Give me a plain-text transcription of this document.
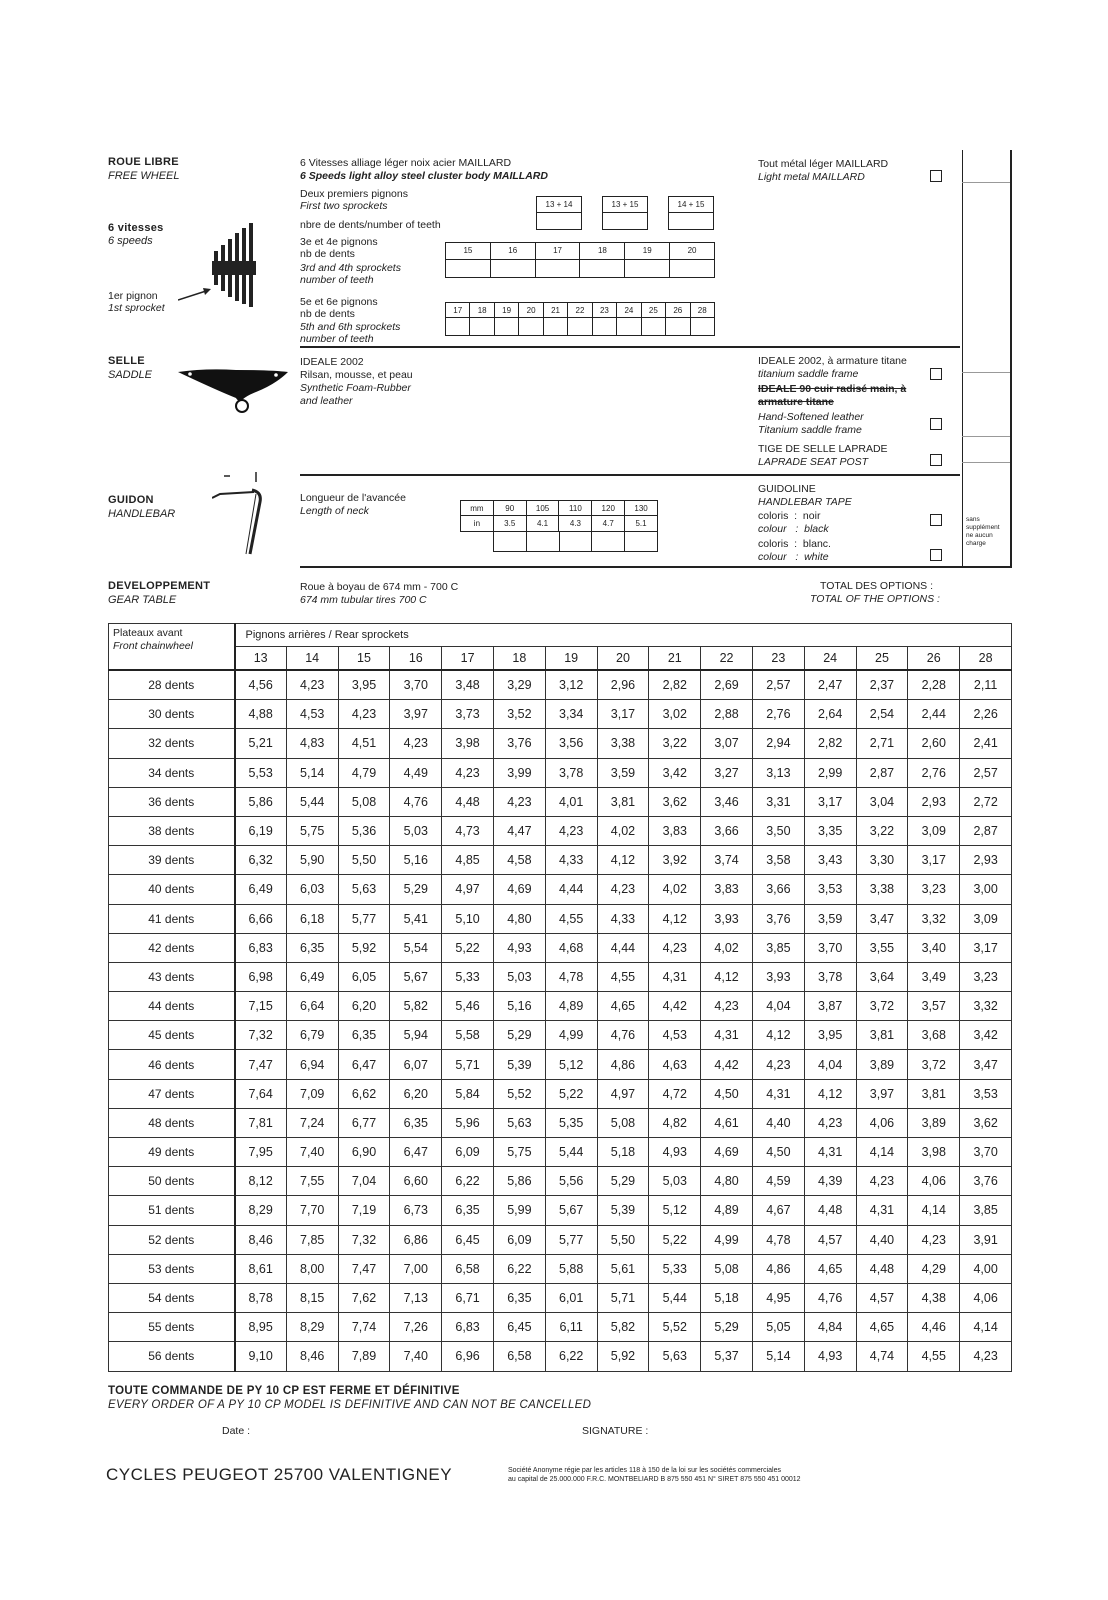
ROUE LIBRE
FREE WHEEL
6 Vitesses alliage léger noix acier MAILLARD
6 Speeds light alloy steel cluster body MAILLARD
Tout métal léger MAILLARD
Light metal MAILLARD
6 vitesses
6 speeds
1er pignon
1st sprocket
Deux premiers pignons
First two sprockets
nbre de dents/number of teeth
13 + 14	13 + 15	14 + 15
3e et 4e pignons
nb de dents
3rd and 4th sprockets
number of teeth
15	16	17	18	19	20
5e et 6e pignons
nb de dents
5th and 6th sprockets
number of teeth
17	18	19	20	21	22	23	24	25	26	28
SELLE
SADDLE
IDEALE 2002
Rilsan, mousse, et peau
Synthetic Foam-Rubber
and leather
IDEALE 2002, à armature titane
titanium saddle frame
IDEALE 90 cuir radisé main, à
armature titane
Hand-Softened leather
Titanium saddle frame
TIGE DE SELLE LAPRADE
LAPRADE SEAT POST
GUIDON
HANDLEBAR
Longueur de l'avancée
Length of neck	mm	90	105	110	120	130
in	3.5	4.1	4.3	4.7	5.1
GUIDOLINE
HANDLEBAR TAPE
coloris  :  noir
colour   :  black
coloris  :  blanc.
colour   :  white
sans supplément ne aucun charge
DEVELOPPEMENT
GEAR TABLE
Roue à boyau de 674 mm - 700 C
674 mm tubular tires 700 C
TOTAL DES OPTIONS :
TOTAL OF THE OPTIONS :
Plateaux avant
Front chainwheel	Pignons arrières / Rear sprockets														
	13	14	15	16	17	18	19	20	21	22	23	24	25	26	28
28 dents	4,56	4,23	3,95	3,70	3,48	3,29	3,12	2,96	2,82	2,69	2,57	2,47	2,37	2,28	2,11
30 dents	4,88	4,53	4,23	3,97	3,73	3,52	3,34	3,17	3,02	2,88	2,76	2,64	2,54	2,44	2,26
32 dents	5,21	4,83	4,51	4,23	3,98	3,76	3,56	3,38	3,22	3,07	2,94	2,82	2,71	2,60	2,41
34 dents	5,53	5,14	4,79	4,49	4,23	3,99	3,78	3,59	3,42	3,27	3,13	2,99	2,87	2,76	2,57
36 dents	5,86	5,44	5,08	4,76	4,48	4,23	4,01	3,81	3,62	3,46	3,31	3,17	3,04	2,93	2,72
38 dents	6,19	5,75	5,36	5,03	4,73	4,47	4,23	4,02	3,83	3,66	3,50	3,35	3,22	3,09	2,87
39 dents	6,32	5,90	5,50	5,16	4,85	4,58	4,33	4,12	3,92	3,74	3,58	3,43	3,30	3,17	2,93
40 dents	6,49	6,03	5,63	5,29	4,97	4,69	4,44	4,23	4,02	3,83	3,66	3,53	3,38	3,23	3,00
41 dents	6,66	6,18	5,77	5,41	5,10	4,80	4,55	4,33	4,12	3,93	3,76	3,59	3,47	3,32	3,09
42 dents	6,83	6,35	5,92	5,54	5,22	4,93	4,68	4,44	4,23	4,02	3,85	3,70	3,55	3,40	3,17
43 dents	6,98	6,49	6,05	5,67	5,33	5,03	4,78	4,55	4,31	4,12	3,93	3,78	3,64	3,49	3,23
44 dents	7,15	6,64	6,20	5,82	5,46	5,16	4,89	4,65	4,42	4,23	4,04	3,87	3,72	3,57	3,32
45 dents	7,32	6,79	6,35	5,94	5,58	5,29	4,99	4,76	4,53	4,31	4,12	3,95	3,81	3,68	3,42
46 dents	7,47	6,94	6,47	6,07	5,71	5,39	5,12	4,86	4,63	4,42	4,23	4,04	3,89	3,72	3,47
47 dents	7,64	7,09	6,62	6,20	5,84	5,52	5,22	4,97	4,72	4,50	4,31	4,12	3,97	3,81	3,53
48 dents	7,81	7,24	6,77	6,35	5,96	5,63	5,35	5,08	4,82	4,61	4,40	4,23	4,06	3,89	3,62
49 dents	7,95	7,40	6,90	6,47	6,09	5,75	5,44	5,18	4,93	4,69	4,50	4,31	4,14	3,98	3,70
50 dents	8,12	7,55	7,04	6,60	6,22	5,86	5,56	5,29	5,03	4,80	4,59	4,39	4,23	4,06	3,76
51 dents	8,29	7,70	7,19	6,73	6,35	5,99	5,67	5,39	5,12	4,89	4,67	4,48	4,31	4,14	3,85
52 dents	8,46	7,85	7,32	6,86	6,45	6,09	5,77	5,50	5,22	4,99	4,78	4,57	4,40	4,23	3,91
53 dents	8,61	8,00	7,47	7,00	6,58	6,22	5,88	5,61	5,33	5,08	4,86	4,65	4,48	4,29	4,00
54 dents	8,78	8,15	7,62	7,13	6,71	6,35	6,01	5,71	5,44	5,18	4,95	4,76	4,57	4,38	4,06
55 dents	8,95	8,29	7,74	7,26	6,83	6,45	6,11	5,82	5,52	5,29	5,05	4,84	4,65	4,46	4,14
56 dents	9,10	8,46	7,89	7,40	6,96	6,58	6,22	5,92	5,63	5,37	5,14	4,93	4,74	4,55	4,23
TOUTE COMMANDE DE PY 10 CP EST FERME ET DÉFINITIVE
EVERY ORDER OF A PY 10 CP MODEL IS DEFINITIVE AND CAN NOT BE CANCELLED
Date :	SIGNATURE :
CYCLES PEUGEOT 25700 VALENTIGNEY	Société Anonyme régie par les articles 118 à 150 de la loi sur les sociétés commerciales
au capital de 25.000.000 F.R.C. MONTBELIARD B 875 550 451 N° SIRET 875 550 451 00012
